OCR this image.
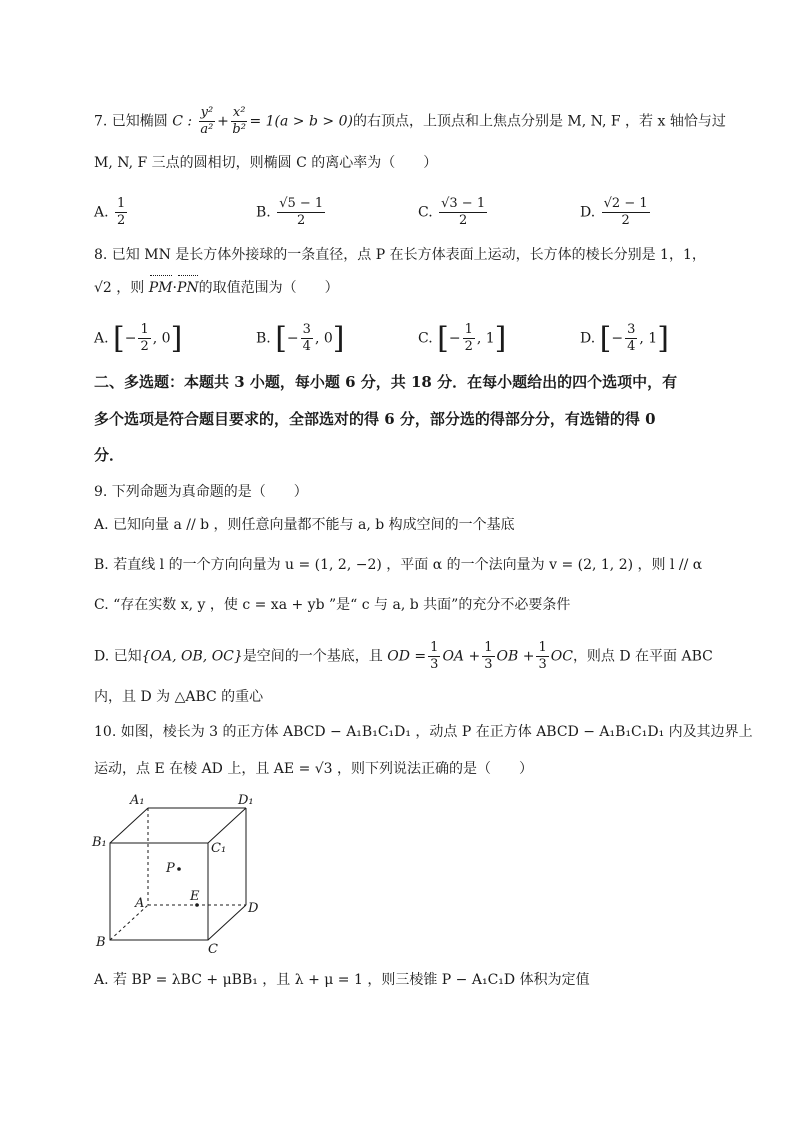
7. 已知椭圆 C : $\frac{\text{y²}}{\text{a²}} + \frac{\text{x²}}{\text{b²}} = 1(a > b > 0)$的右顶点，上顶点和上焦点分别是 M, N, F ，若 x 轴恰与过
M, N, F 三点的圆相切，则椭圆 C 的离心率为（　　）
A. $\frac{1}{2}$	B. $\frac{√5 - 1}{2}$	C. $\frac{√3 - 1}{2}$	D. $\frac{√2 - 1}{2}$
8. 已知 MN 是长方体外接球的一条直径，点 P 在长方体表面上运动，长方体的棱长分别是 1，1，
√2 ，则 PM·PN的取值范围为（　　）
A. [− $\frac{1}{2}$ , 0]	B. [− $\frac{3}{4}$ , 0]	C. [− $\frac{1}{2}$ , 1]	D. [− $\frac{3}{4}$ , 1]
二、多选题：本题共 3 小题，每小题 6 分，共 18 分．在每小题给出的四个选项中，有
多个选项是符合题目要求的，全部选对的得 6 分，部分选的得部分分，有选错的得 0
分．
9. 下列命题为真命题的是（　　）
A. 已知向量 a // b ，则任意向量都不能与 a, b 构成空间的一个基底
B. 若直线 l 的一个方向向量为 u = (1, 2, −2) ，平面 α 的一个法向量为 v = (2, 1, 2) ，则 l // α
C. “存在实数 x, y ，使 c = xa + yb ”是“ c 与 a, b 共面”的充分不必要条件
D. 已知{OA, OB, OC}是空间的一个基底，且 OD = $\frac{1}{3}$ OA + $\frac{1}{3}$ OB + $\frac{1}{3}$ OC，则点 D 在平面 ABC
内，且 D 为 △ABC 的重心
10. 如图，棱长为 3 的正方体 ABCD − A₁B₁C₁D₁ ，动点 P 在正方体 ABCD − A₁B₁C₁D₁ 内及其边界上
运动，点 E 在棱 AD 上，且 AE = √3 ，则下列说法正确的是（　　）
A₁	D₁
B₁	C₁
P
E
A	D
B	C
A. 若 BP = λBC + μBB₁ ，且 λ + μ = 1 ，则三棱锥 P − A₁C₁D 体积为定值
